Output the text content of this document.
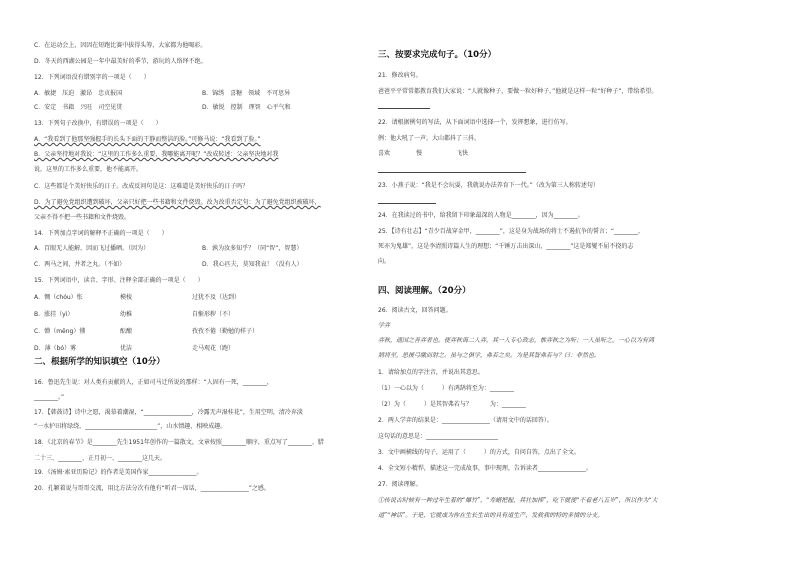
C．在运动会上，因因在短跑比赛中拔得头筹，大家都为他喝彩。
D．冬天的西湖公园是一年中最美好的季节，游玩的人络绎不绝。
12．下列词语没有错别字的一项是（　　）
A．敏捷　压迫　激昂　忠贞报国	B．锦绣　喜糖　领域　不可思异
C．安定　书籍　兴旺　司空见贯	D．敏锐　控制　理智　心平气和
13．下列句子改换中，有错误的一项是（　　）
A．“我看到了他那坚强握手的长头下面的干静而整洁的脸。”可修马说：“我看到了脸。”
B．父亲坚持地对我说：“这里的工作多么重要，我哪能离开呢？”改成转述：父亲坚决地对我
说，这里的工作多么重要，他不能离开。
C．这些都是个美好快乐的日子。改成反问句是这：这难道是美好快乐的日子吗？
D．为了避免党组织遭到破坏，父亲只好把一些书籍和文件烧毁。改为改重否定句：为了避免党组织被破坏，
父亲不得不把一些书籍和文件烧毁。
14．下列加点字词的解释不正确的一项是（　　）
A．百眼无人能解，因而飞过播晒。（因为）	B．孰为汝多知乎？（同“智”，智慧）
C．两马之间，井者之丸。（不如）	D．我心匹夫，莫知我哀！（没有人）
15．下列词语中，读音、字形、注释全部正确的一项是（　　）
A．惆（chóu）怅	模棱	过犹不及（达到）
B．涨挂（yì）	幼稚	自惭形秽（不）
C．懵（měng）懂	酝酿	孜孜不倦（勤勉的样子）
D．薄（bó）雾	优洁	走马观花（跑）
二、根据所学的知识填空（10分）
16．鲁迅先生说：对人类有贡献的人，正如司马迁所说的那样：“人固有一死，________，
________。”
17．【韩鼓诗】诗中之愿，渴慕着潮湿，“________________，冷露无声湿桂花”，生用空明，清冷弃淡
“一水护田将绿绕，________________________”，山水情趣，相映成趣。
18．《北京的春节》是________先生1951年创作的一篇散文，文章按照________顺序，重点写了________、腊
二十三、________、正月初一、________这几天。
19．《汤姆·索亚历险记》的作者是美国作家________________。
20．孔颖着说与哥哥交流，用比方法分次有他有“听君一席话，________________”之感。
三、按要求完成句子。（10分）
21．修改病句。
爸爸平平常常都教育我们大家说：“人就像种子，要做一粒好种子。”他就是这样一粒“好种子”，带给希望。
22．请根据例句的写法，从下面词语中选择一个，发挥想象，进行仿写。
例：他大吼了一声，大山都抖了三抖。
喜欢	慢	飞快
23．小燕子说：“我是不会玩耍，我就说办法养育下一代。”（改为第三人称转述句）
24．在我读过的书中，给我留下印象最深的人物是________，因为________。
25．【诗有壮志】“青少百战穿金甲，________”，这是身为战场的将士不遏抗争的誓言；“________，
死亦为鬼雄”，这是李清照诗篇人生的理想；“千锤万击出深山，________”这是郑燮不屈不挠的志
向。
四、阅读理解。（20分）
26．阅读古文，回答问题。
学弈
弈秋，通国之善弈者也。使弈秋诲二人弈，其一人专心致志，惟弈秋之为听；一人虽听之，一心以为有鸿
鹄将至，思援弓缴而射之。虽与之俱学，弗若之矣。为是其智弗若与？曰：非然也。
1．请给加点的字注音，并说出其意思。
（1）一心以为（　　　）有鸿鹄将至为：________
（2）为（　　　）是其智弗若与？　　　为：________
2．两人学弈的结果是：________________（请用文中的话回答）。
这句话的意思是：________________________
3．文中画横线的句子，运用了（　　　）的方式，自问自答，点出了全文。
4．全文短小精悍，描述这一完成故事，事中现理，告诉读者________________。
27．阅读理解。
①传说古时候有一种过年生着的“爆竹”，“寿蜡把握，其壮加捧”，吃下就使“不看老八五岁”，所以作为“大
道”“神话”。于是，它就成为你在生长生出的具有道生产、发救我的特的多情的分支。
